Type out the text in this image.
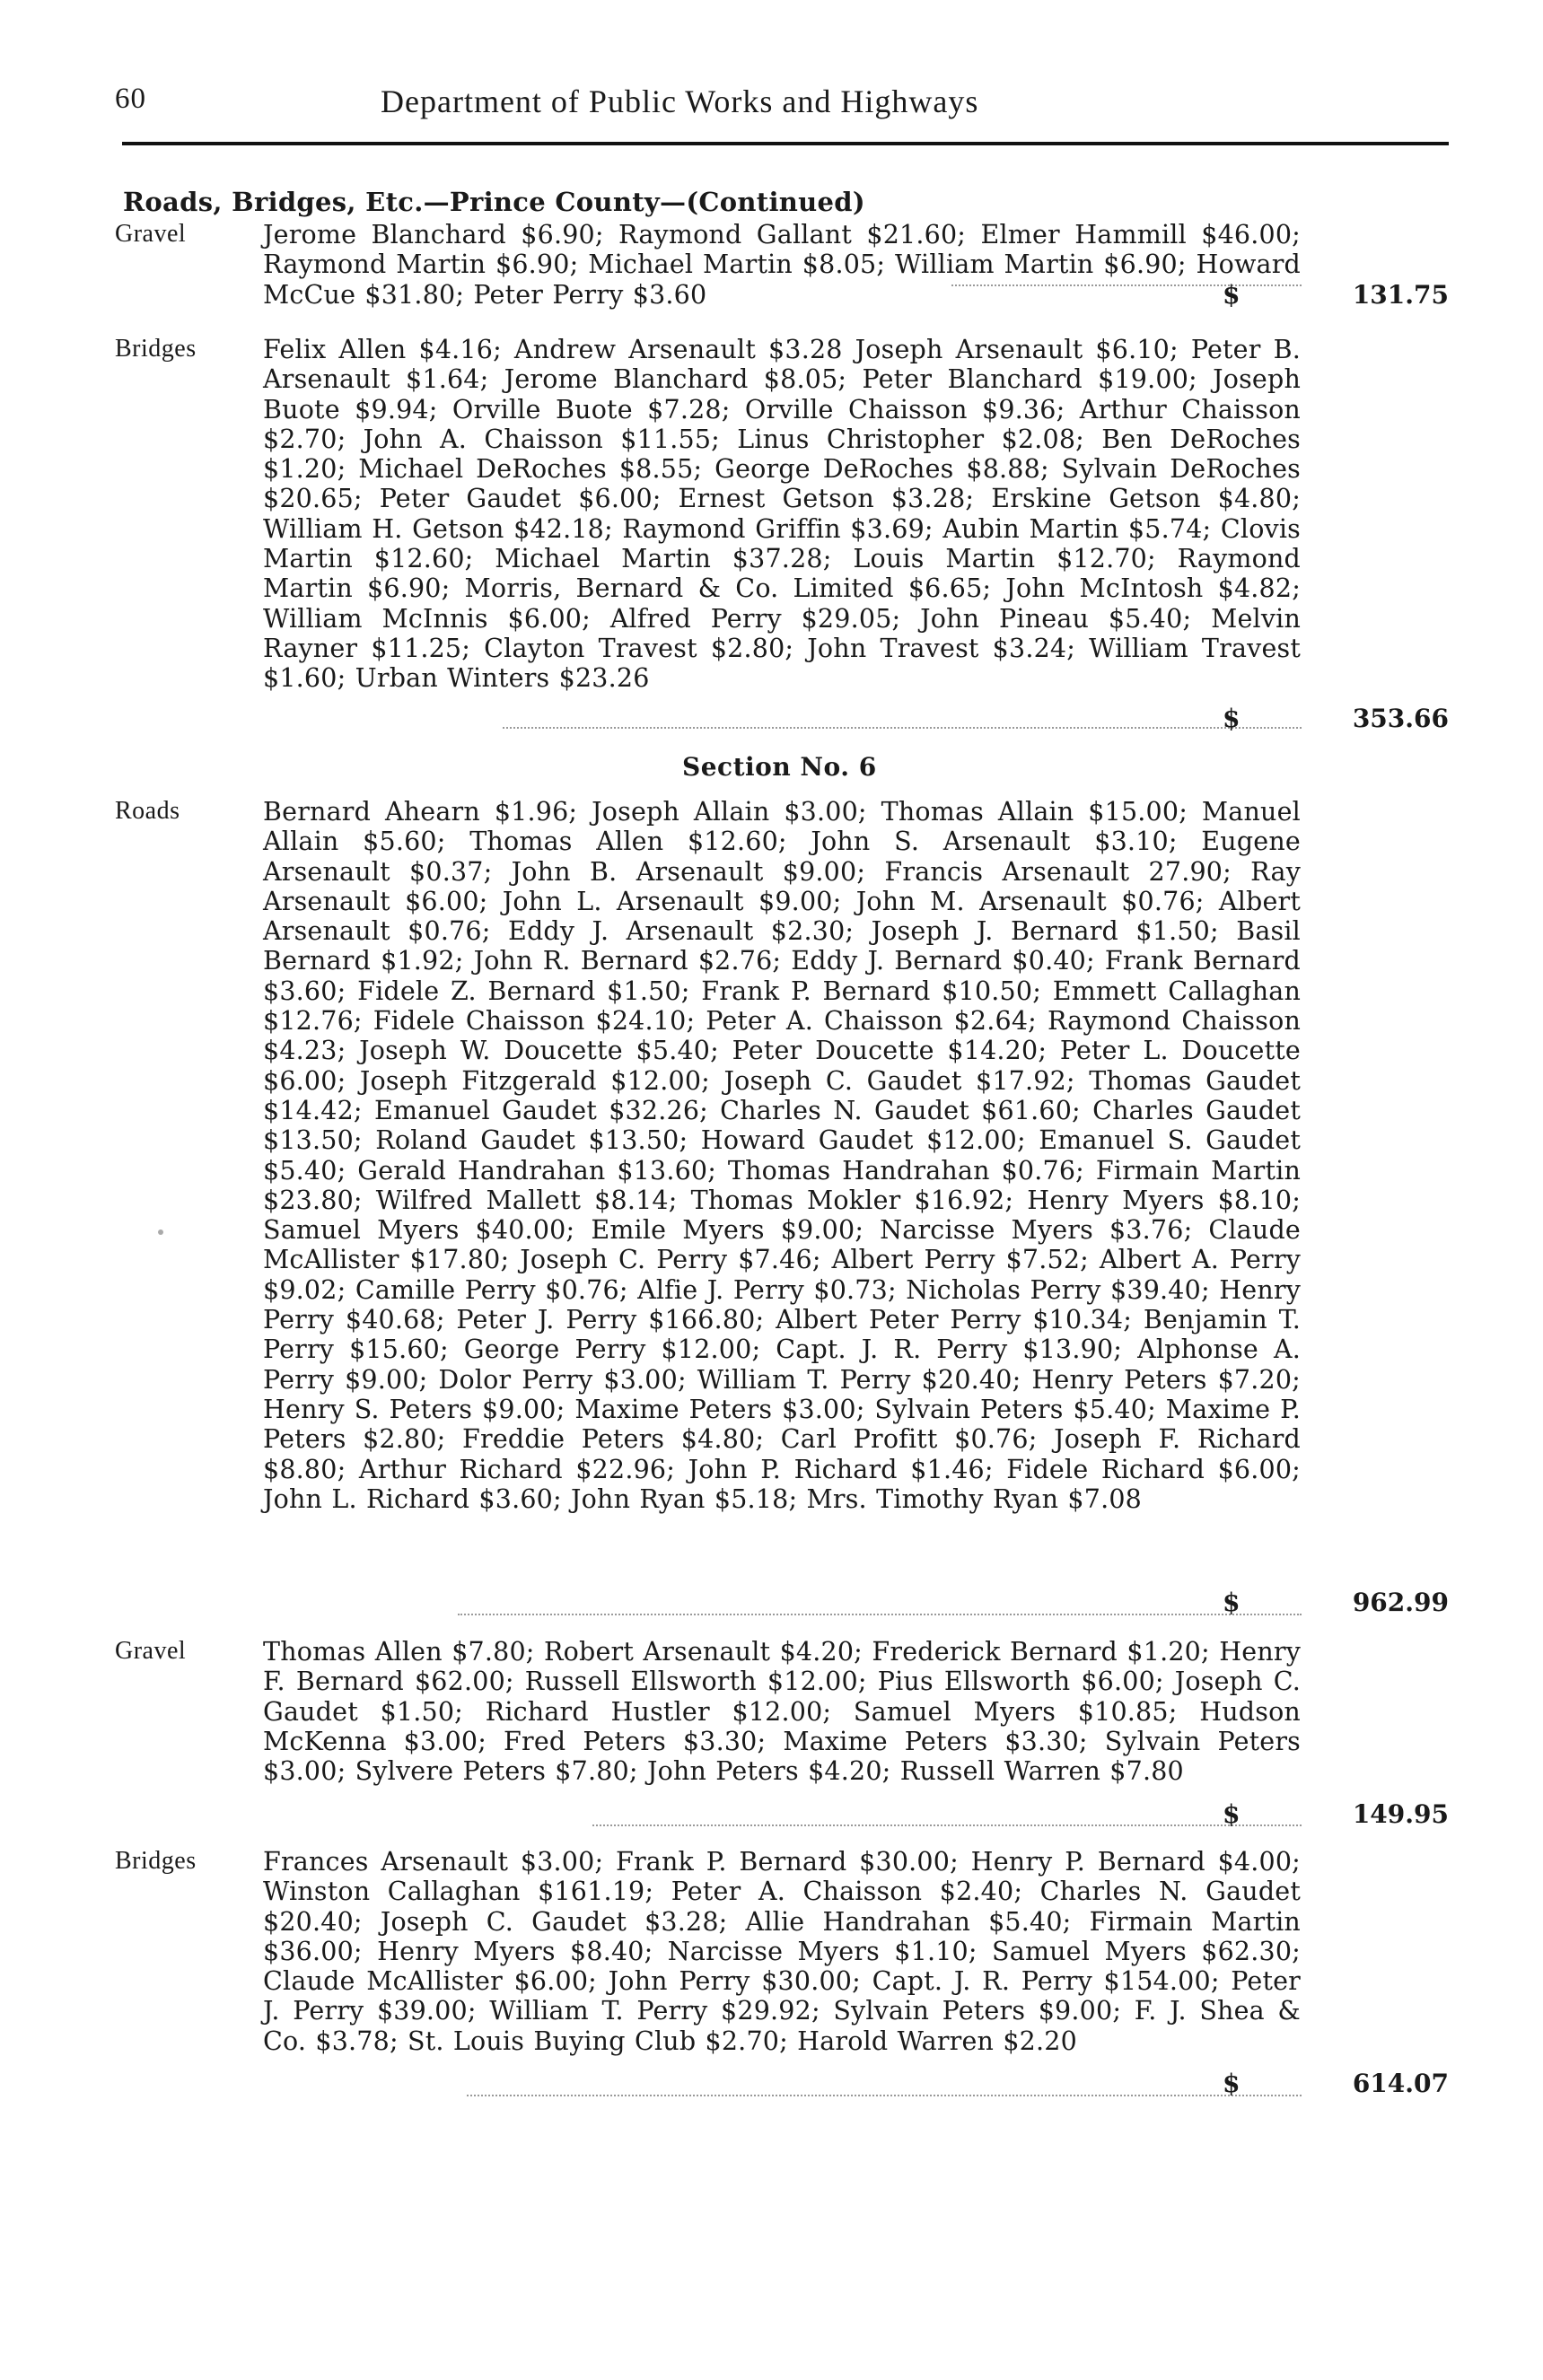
60	Department of Public Works and Highways
Roads, Bridges, Etc.—Prince County—(Continued)
Gravel	Jerome Blanchard $6.90; Raymond Gallant $21.60; Elmer Hammill $46.00; Raymond Martin $6.90; Michael Martin $8.05; William Martin $6.90; Howard McCue $31.80; Peter Perry $3.60	$	131.75
Bridges	Felix Allen $4.16; Andrew Arsenault $3.28 Joseph Arsenault $6.10; Peter B. Arsenault $1.64; Jerome Blanchard $8.05; Peter Blanchard $19.00; Joseph Buote $9.94; Orville Buote $7.28; Orville Chaisson $9.36; Arthur Chaisson $2.70; John A. Chaisson $11.55; Linus Christopher $2.08; Ben DeRoches $1.20; Michael DeRoches $8.55; George DeRoches $8.88; Sylvain DeRoches $20.65; Peter Gaudet $6.00; Ernest Getson $3.28; Erskine Getson $4.80; William H. Getson $42.18; Raymond Griffin $3.69; Aubin Martin $5.74; Clovis Martin $12.60; Michael Martin $37.28; Louis Martin $12.70; Raymond Martin $6.90; Morris, Bernard & Co. Limited $6.65; John McIntosh $4.82; William McInnis $6.00; Alfred Perry $29.05; John Pineau $5.40; Melvin Rayner $11.25; Clayton Travest $2.80; John Travest $3.24; William Travest $1.60; Urban Winters $23.26
$	353.66
Section No. 6
Roads	Bernard Ahearn $1.96; Joseph Allain $3.00; Thomas Allain $15.00; Manuel Allain $5.60; Thomas Allen $12.60; John S. Arsenault $3.10; Eugene Arsenault $0.37; John B. Arsenault $9.00; Francis Arsenault 27.90; Ray Arsenault $6.00; John L. Arsenault $9.00; John M. Arsenault $0.76; Albert Arsenault $0.76; Eddy J. Arsenault $2.30; Joseph J. Bernard $1.50; Basil Bernard $1.92; John R. Bernard $2.76; Eddy J. Bernard $0.40; Frank Bernard $3.60; Fidele Z. Bernard $1.50; Frank P. Bernard $10.50; Emmett Callaghan $12.76; Fidele Chaisson $24.10; Peter A. Chaisson $2.64; Raymond Chaisson $4.23; Joseph W. Doucette $5.40; Peter Doucette $14.20; Peter L. Doucette $6.00; Joseph Fitzgerald $12.00; Joseph C. Gaudet $17.92; Thomas Gaudet $14.42; Emanuel Gaudet $32.26; Charles N. Gaudet $61.60; Charles Gaudet $13.50; Roland Gaudet $13.50; Howard Gaudet $12.00; Emanuel S. Gaudet $5.40; Gerald Handrahan $13.60; Thomas Handrahan $0.76; Firmain Martin $23.80; Wilfred Mallett $8.14; Thomas Mokler $16.92; Henry Myers $8.10; Samuel Myers $40.00; Emile Myers $9.00; Narcisse Myers $3.76; Claude McAllister $17.80; Joseph C. Perry $7.46; Albert Perry $7.52; Albert A. Perry $9.02; Camille Perry $0.76; Alfie J. Perry $0.73; Nicholas Perry $39.40; Henry Perry $40.68; Peter J. Perry $166.80; Albert Peter Perry $10.34; Benjamin T. Perry $15.60; George Perry $12.00; Capt. J. R. Perry $13.90; Alphonse A. Perry $9.00; Dolor Perry $3.00; William T. Perry $20.40; Henry Peters $7.20; Henry S. Peters $9.00; Maxime Peters $3.00; Sylvain Peters $5.40; Maxime P. Peters $2.80; Freddie Peters $4.80; Carl Profitt $0.76; Joseph F. Richard $8.80; Arthur Richard $22.96; John P. Richard $1.46; Fidele Richard $6.00; John L. Richard $3.60; John Ryan $5.18; Mrs. Timothy Ryan $7.08
$	962.99
Gravel	Thomas Allen $7.80; Robert Arsenault $4.20; Frederick Bernard $1.20; Henry F. Bernard $62.00; Russell Ellsworth $12.00; Pius Ellsworth $6.00; Joseph C. Gaudet $1.50; Richard Hustler $12.00; Samuel Myers $10.85; Hudson McKenna $3.00; Fred Peters $3.30; Maxime Peters $3.30; Sylvain Peters $3.00; Sylvere Peters $7.80; John Peters $4.20; Russell Warren $7.80
$	149.95
Bridges	Frances Arsenault $3.00; Frank P. Bernard $30.00; Henry P. Bernard $4.00; Winston Callaghan $161.19; Peter A. Chaisson $2.40; Charles N. Gaudet $20.40; Joseph C. Gaudet $3.28; Allie Handrahan $5.40; Firmain Martin $36.00; Henry Myers $8.40; Narcisse Myers $1.10; Samuel Myers $62.30; Claude McAllister $6.00; John Perry $30.00; Capt. J. R. Perry $154.00; Peter J. Perry $39.00; William T. Perry $29.92; Sylvain Peters $9.00; F. J. Shea & Co. $3.78; St. Louis Buying Club $2.70; Harold Warren $2.20
$	614.07
